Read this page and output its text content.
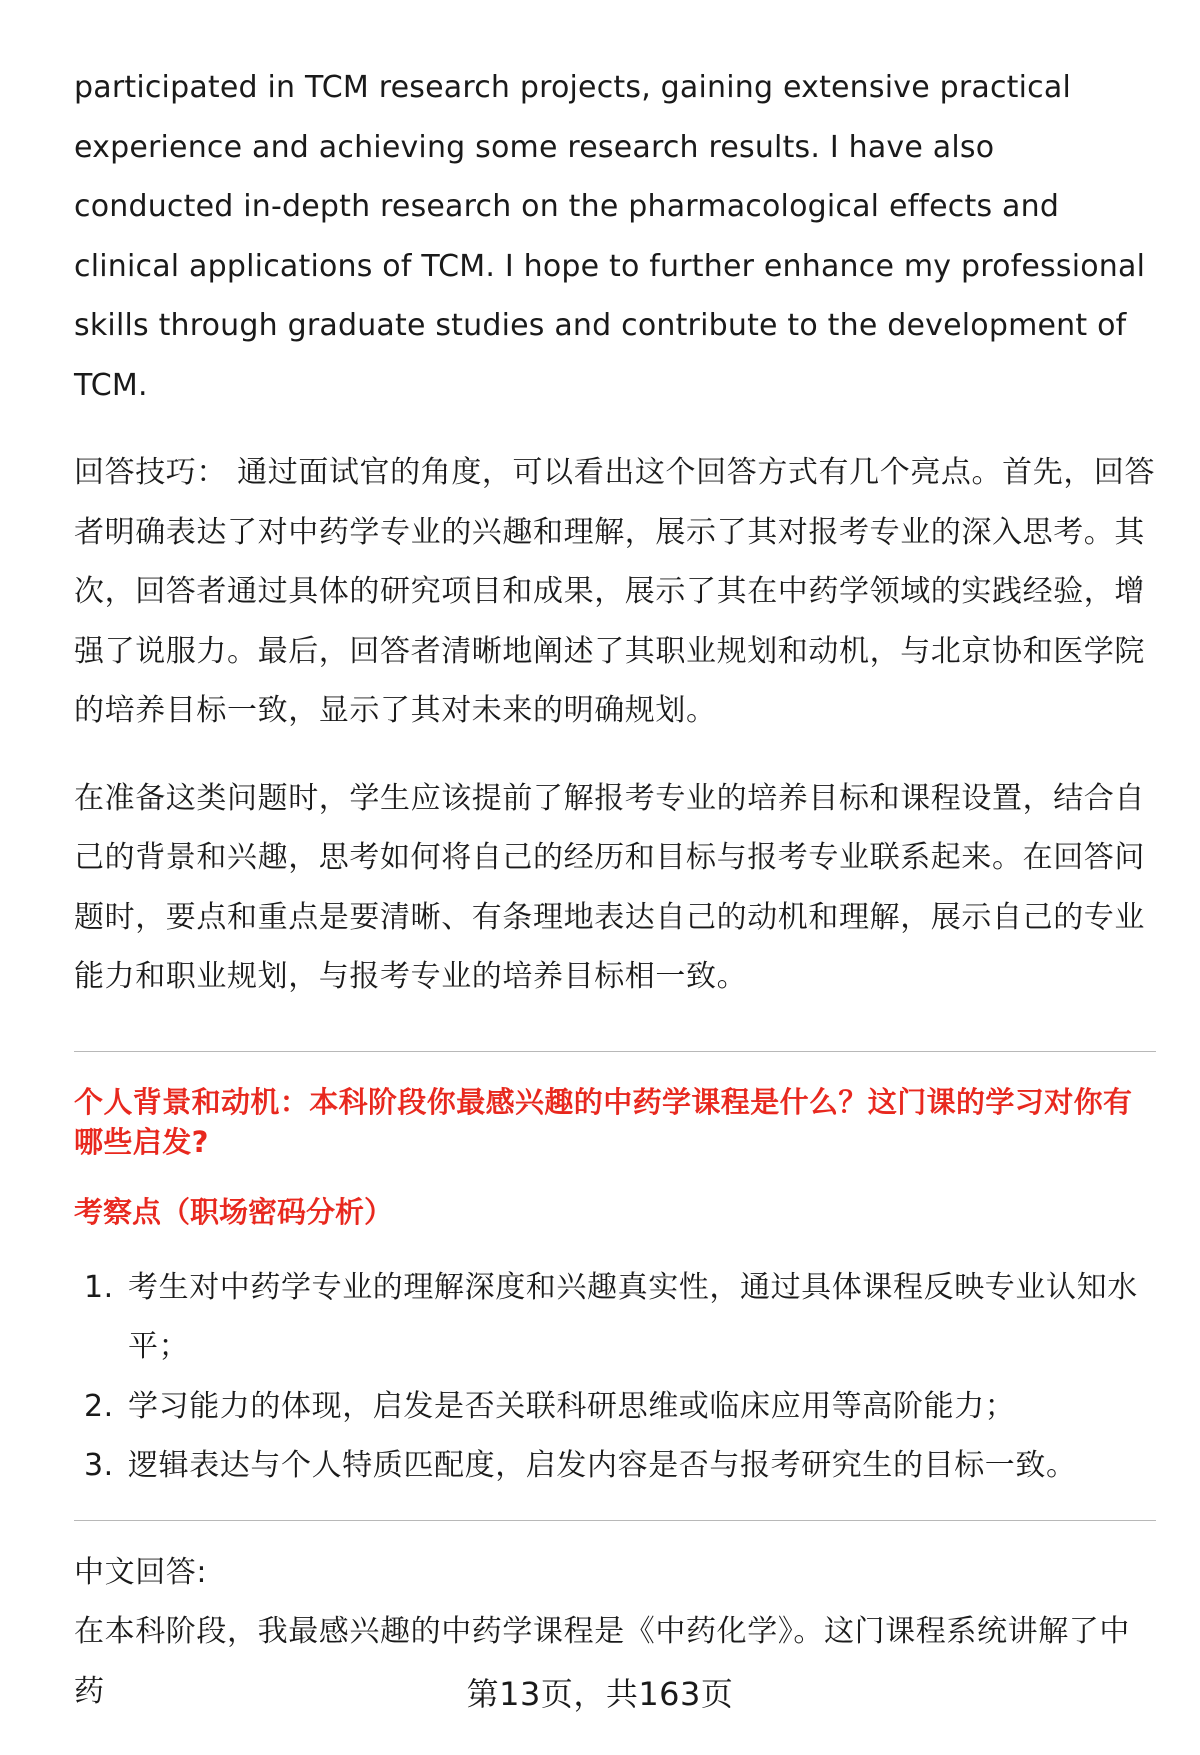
participated in TCM research projects, gaining extensive practical experience and achieving some research results. I have also conducted in-depth research on the pharmacological effects and clinical applications of TCM. I hope to further enhance my professional skills through graduate studies and contribute to the development of TCM.

回答技巧： 通过面试官的角度，可以看出这个回答方式有几个亮点。首先，回答者明确表达了对中药学专业的兴趣和理解，展示了其对报考专业的深入思考。其次，回答者通过具体的研究项目和成果，展示了其在中药学领域的实践经验，增强了说服力。最后，回答者清晰地阐述了其职业规划和动机，与北京协和医学院的培养目标一致，显示了其对未来的明确规划。

在准备这类问题时，学生应该提前了解报考专业的培养目标和课程设置，结合自己的背景和兴趣，思考如何将自己的经历和目标与报考专业联系起来。在回答问题时，要点和重点是要清晰、有条理地表达自己的动机和理解，展示自己的专业能力和职业规划，与报考专业的培养目标相一致。

个人背景和动机：本科阶段你最感兴趣的中药学课程是什么？这门课的学习对你有哪些启发?

考察点（职场密码分析）

1. 考生对中药学专业的理解深度和兴趣真实性，通过具体课程反映专业认知水平；
2. 学习能力的体现，启发是否关联科研思维或临床应用等高阶能力；
3. 逻辑表达与个人特质匹配度，启发内容是否与报考研究生的目标一致。

中文回答:

在本科阶段，我最感兴趣的中药学课程是《中药化学》。这门课程系统讲解了中药	第13页，共163页
